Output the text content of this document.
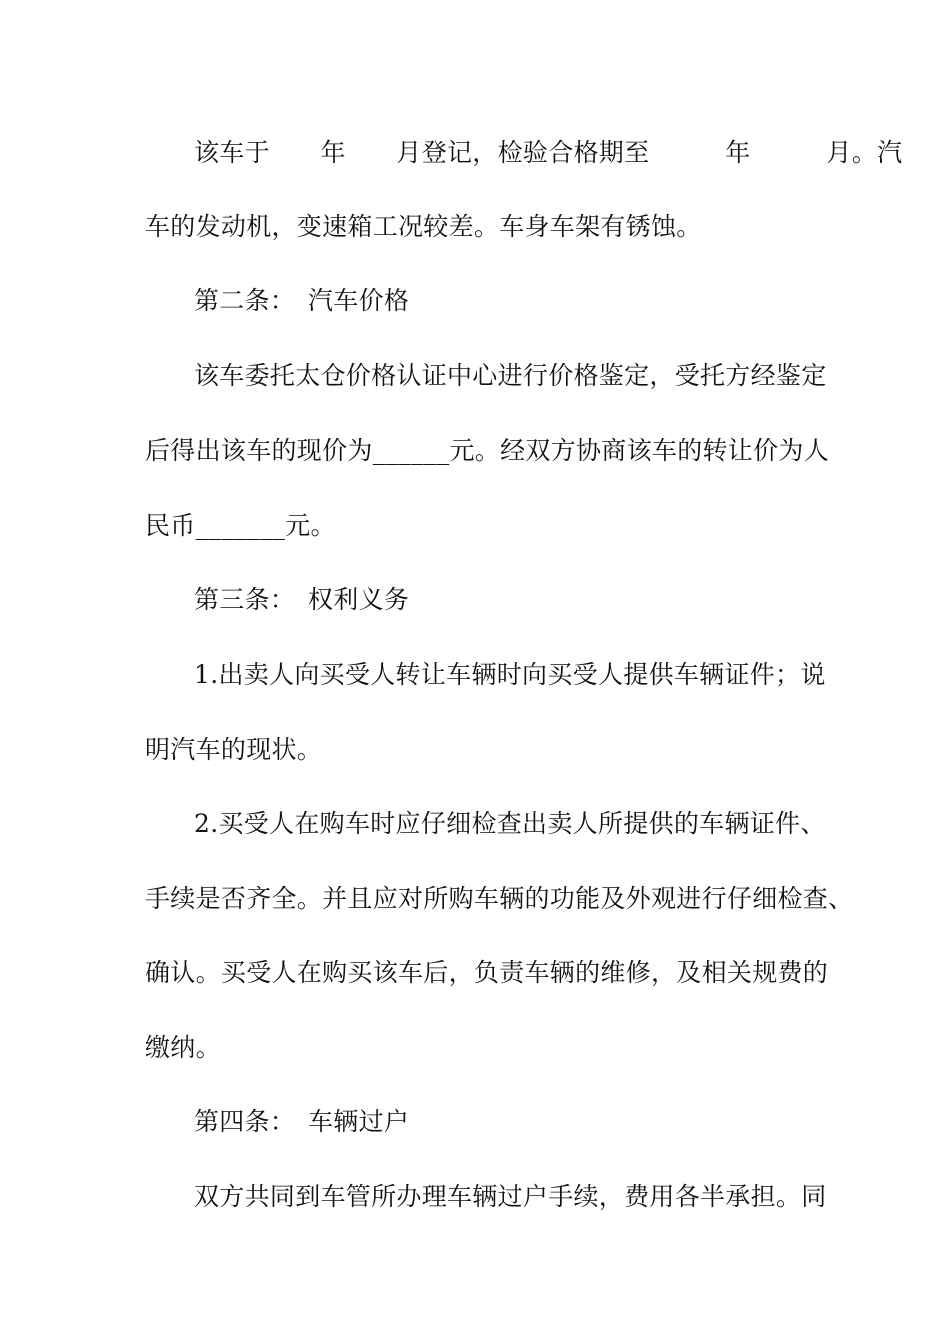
该车于　　年　　月登记，检验合格期至　　　年　　　月。汽
车的发动机，变速箱工况较差。车身车架有锈蚀。
第二条：　汽车价格
该车委托太仓价格认证中心进行价格鉴定，受托方经鉴定
后得出该车的现价为______元。经双方协商该车的转让价为人
民币_______元。
第三条：　权利义务
1.出卖人向买受人转让车辆时向买受人提供车辆证件；说
明汽车的现状。
2.买受人在购车时应仔细检查出卖人所提供的车辆证件、
手续是否齐全。并且应对所购车辆的功能及外观进行仔细检查、
确认。买受人在购买该车后，负责车辆的维修，及相关规费的
缴纳。
第四条：　车辆过户
双方共同到车管所办理车辆过户手续，费用各半承担。同
